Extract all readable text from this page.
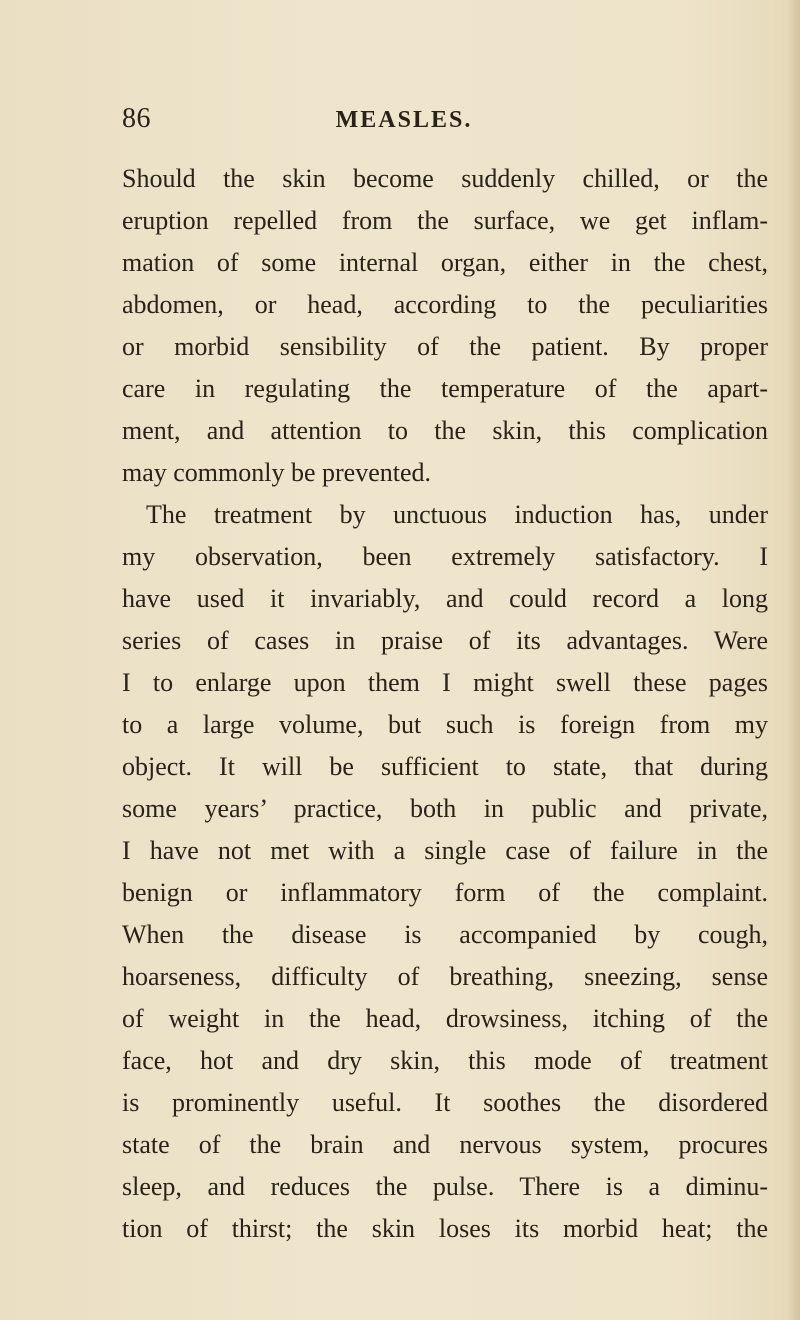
86	MEASLES.
Should the skin become suddenly chilled, or the
eruption repelled from the surface, we get inflam-
mation of some internal organ, either in the chest,
abdomen, or head, according to the peculiarities
or morbid sensibility of the patient. By proper
care in regulating the temperature of the apart-
ment, and attention to the skin, this complication
may commonly be prevented.
The treatment by unctuous induction has, under
my observation, been extremely satisfactory. I
have used it invariably, and could record a long
series of cases in praise of its advantages. Were
I to enlarge upon them I might swell these pages
to a large volume, but such is foreign from my
object. It will be sufficient to state, that during
some years’ practice, both in public and private,
I have not met with a single case of failure in the
benign or inflammatory form of the complaint.
When the disease is accompanied by cough,
hoarseness, difficulty of breathing, sneezing, sense
of weight in the head, drowsiness, itching of the
face, hot and dry skin, this mode of treatment
is prominently useful. It soothes the disordered
state of the brain and nervous system, procures
sleep, and reduces the pulse. There is a diminu-
tion of thirst; the skin loses its morbid heat; the
